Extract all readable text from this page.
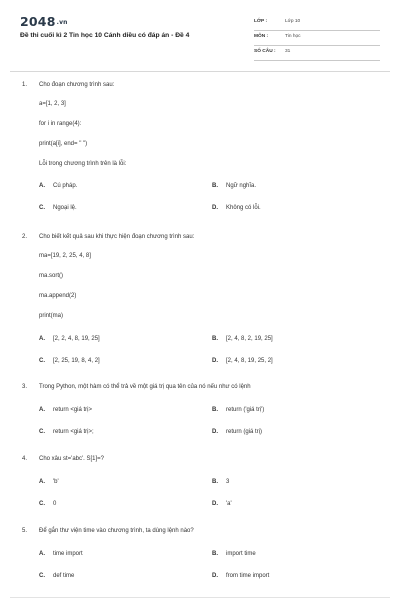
2048.vn
Đề thi cuối kì 2 Tin học 10 Cánh diều có đáp án - Đề 4
LỚP :	Lớp 10
MÔN :	Tin học
SỐ CÂU : 31
1. Cho đoạn chương trình sau:
a=[1, 2, 3]
for i in range(4):
print(a[i], end= " ")
Lỗi trong chương trình trên là lỗi:
A. Cú pháp.	B. Ngữ nghĩa.
C. Ngoại lệ.	D. Không có lỗi.
2. Cho biết kết quả sau khi thực hiện đoạn chương trình sau:
ma=[19, 2, 25, 4, 8]
ma.sort()
ma.append(2)
print(ma)
A. [2, 2, 4, 8, 19, 25]	B. [2, 4, 8, 2, 19, 25]
C. [2, 25, 19, 8, 4, 2]	D. [2, 4, 8, 19, 25, 2]
3. Trong Python, một hàm có thể trả về một giá trị qua tên của nó nếu như có lệnh
A. return <giá trị>	B. return ('giá trị')
C. return <giá trị>;	D. return (giá trị)
4. Cho xâu st='abc'. S[1]=?
A. 'b'	B. 3
C. 0	D. 'a'
5. Để gắn thư viện time vào chương trình, ta dùng lệnh nào?
A. time import	B. import time
C. def time	D. from time import
